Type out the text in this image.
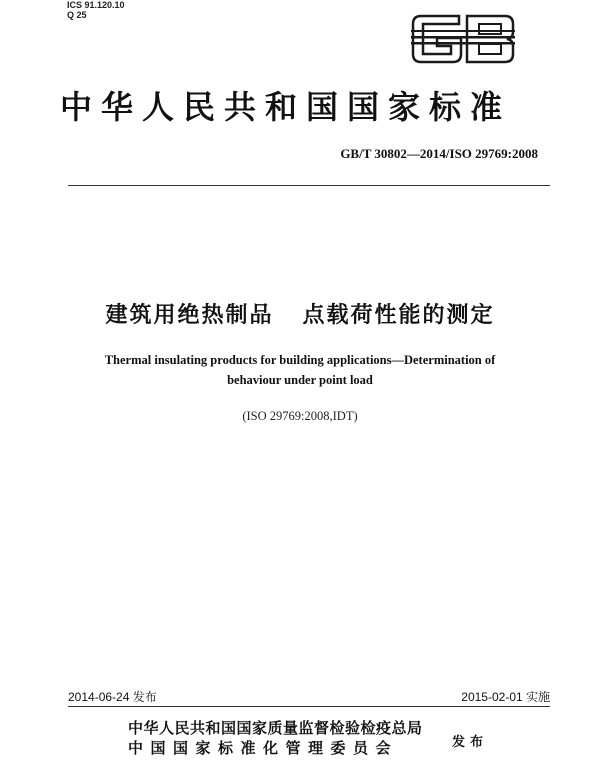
ICS 91.120.10
Q 25
中华人民共和国国家标准
GB/T 30802—2014/ISO 29769:2008
建筑用绝热制品   点载荷性能的测定
Thermal insulating products for building applications—Determination of
behaviour under point load
(ISO 29769:2008,IDT)
2014-06-24 发布	2015-02-01 实施
中华人民共和国国家质量监督检验检疫总局
中国国家标准化管理委员会	发布
